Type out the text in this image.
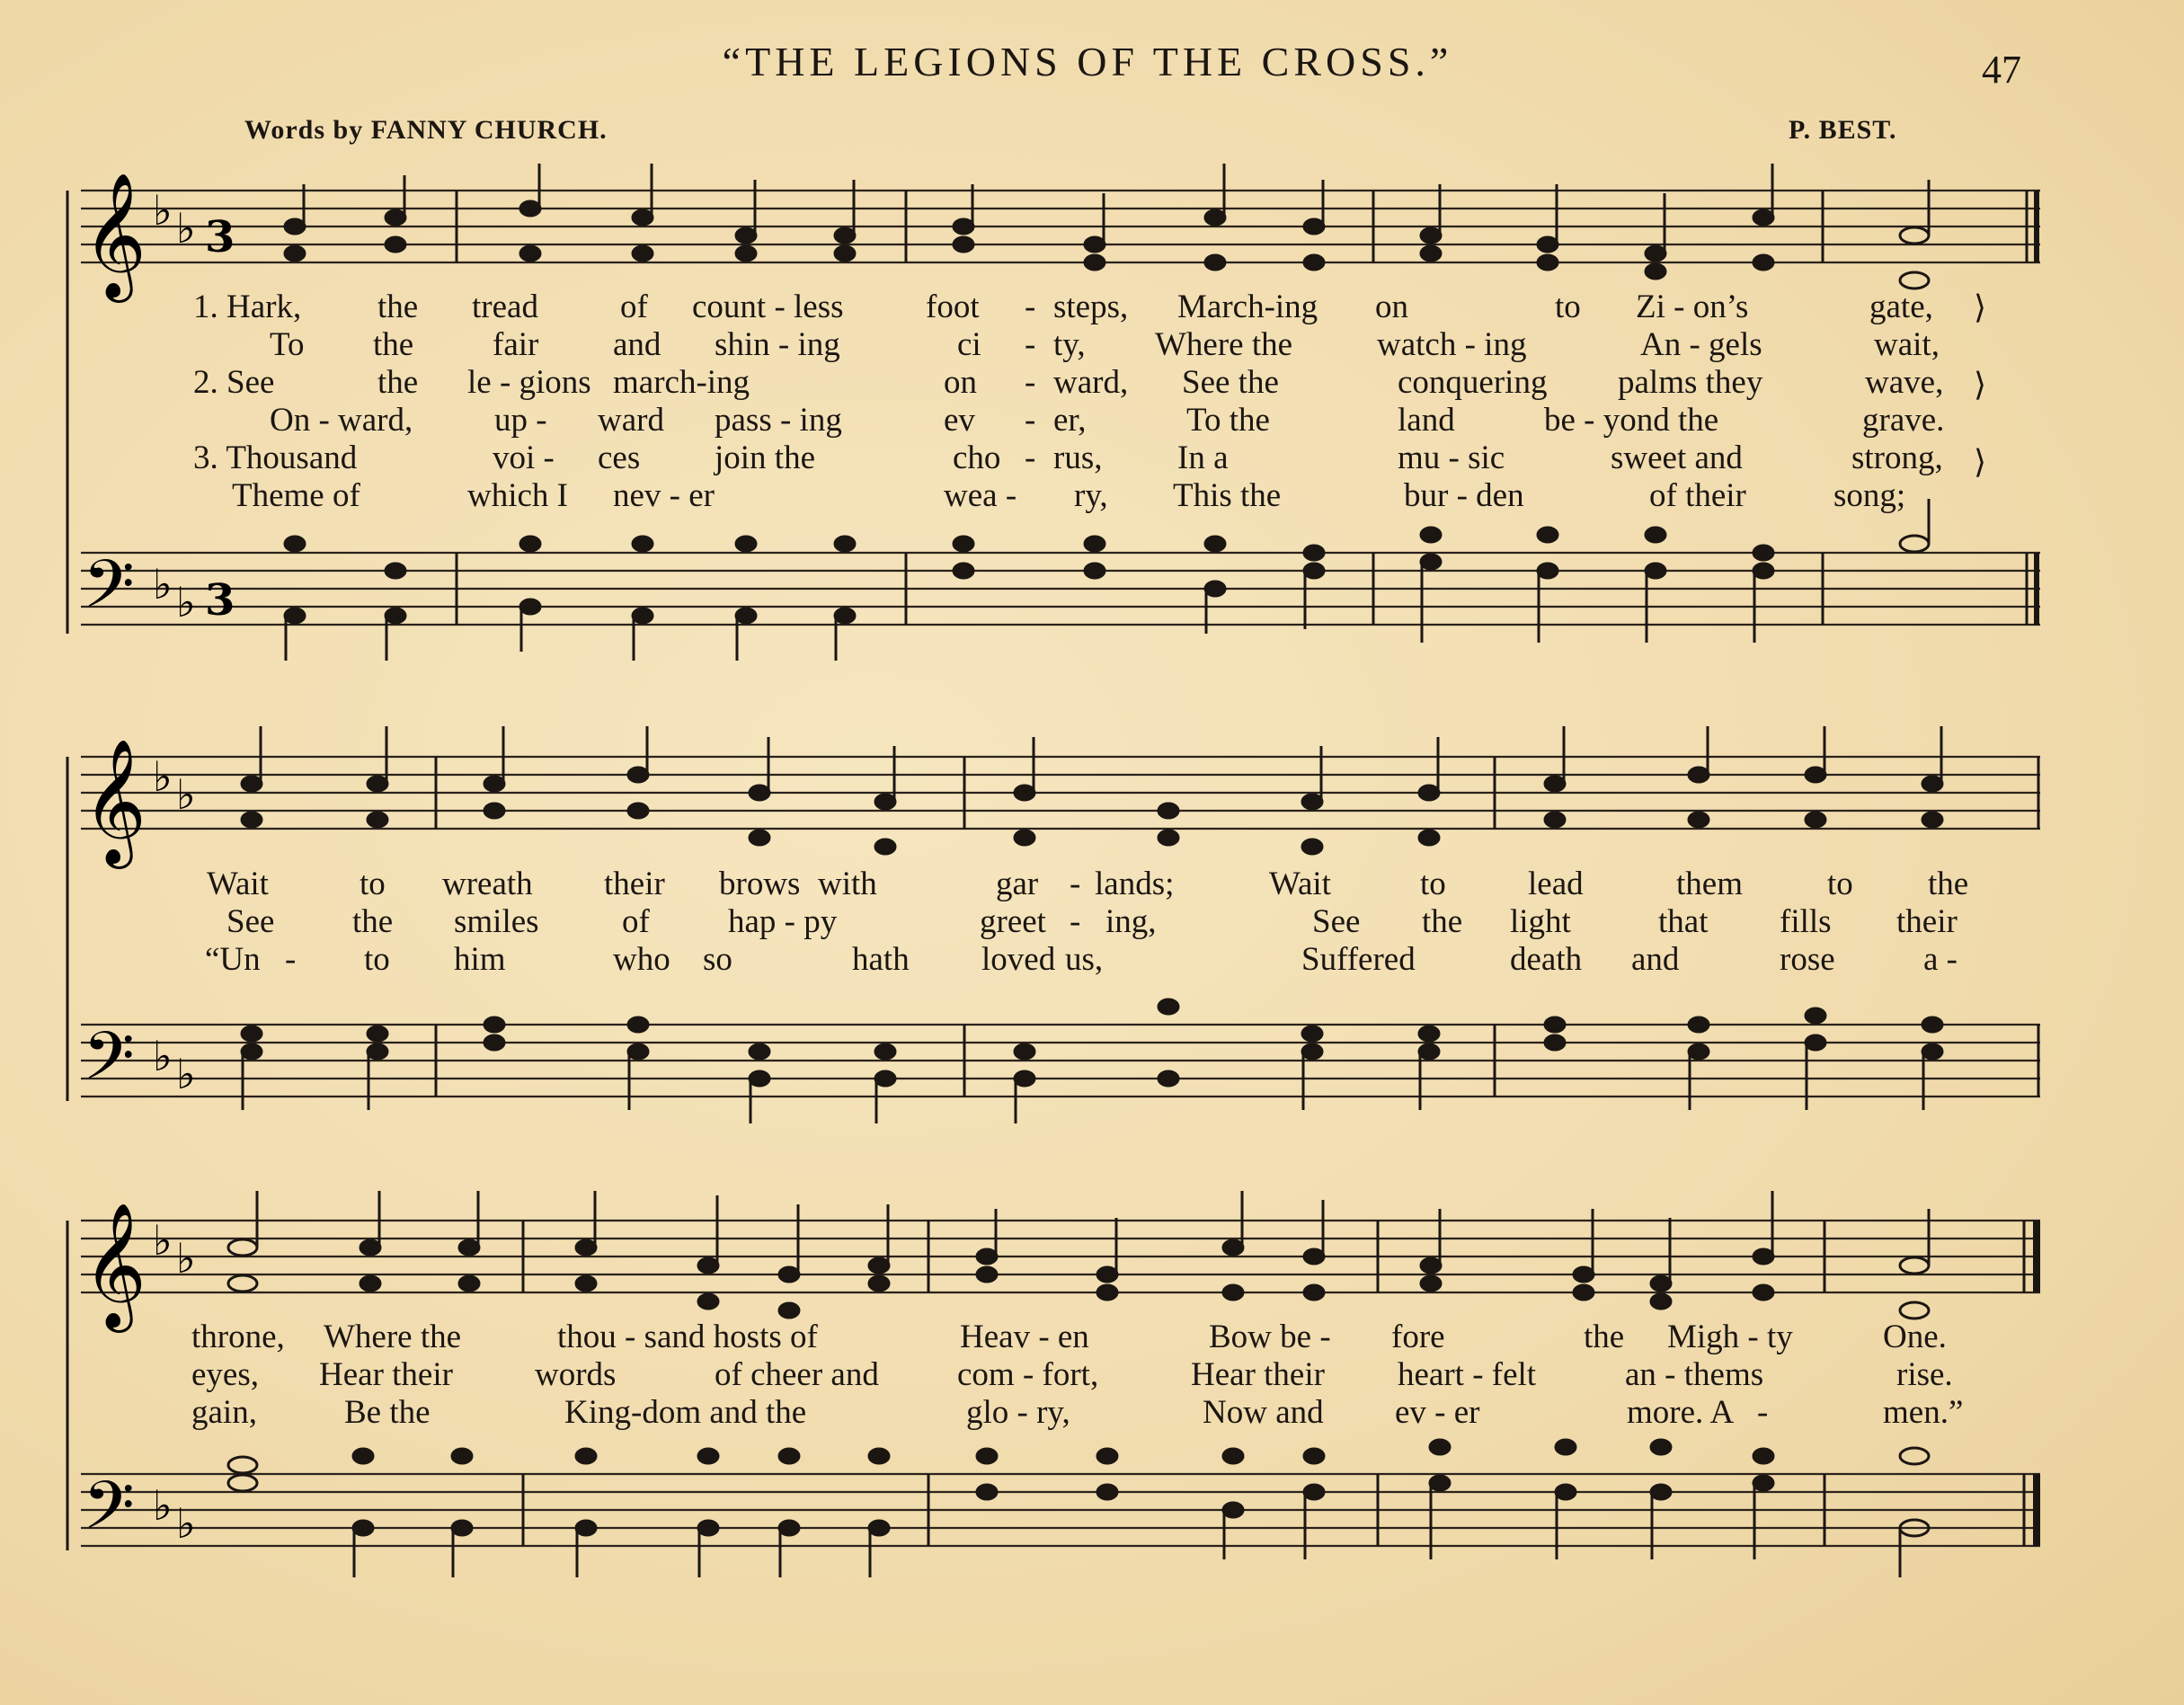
“THE LEGIONS OF THE CROSS.”	47
Words by FANNY CHURCH.	P. BEST.
𝄞
𝄢
♭ ♭
♭ ♭
3
3
𝄞
𝄢
♭ ♭
♭ ♭
𝄞
𝄢
♭ ♭
♭ ♭
1. Hark, the tread of count - less foot - steps, March-ing on	to Zi - on’s	gate,
To the fair and shin - ing	ci - ty, Where the	watch - ing	An - gels	wait,
2. See	the le - gions march-ing	on - ward, See the	conquering palms they	wave,
On - ward, up - ward pass - ing	ev - er,	To the	land	be - yond the	grave.
3. Thousand	voi - ces join the	cho - rus, In a	mu - sic	sweet and	strong,
Theme of	which I nev - er	wea - ry, This the	bur - den	of their	song;
Wait	to wreath their brows with	gar - lands;	Wait	to lead	them	to the
See the smiles of hap - py	greet - ing,	See the light	that fills their
“Un - to him	who so	hath loved us,	Suffered	death and	rose	a -
throne, Where the	thou - sand hosts of	Heav - en	Bow be - fore	the Migh - ty	One.
eyes, Hear their words	of cheer and com - fort,	Hear their heart - felt	an - thems	rise.
gain,	Be the	King-dom and the	glo - ry,	Now and ev - er	more. A -	men.”
⟩
⟩
⟩
